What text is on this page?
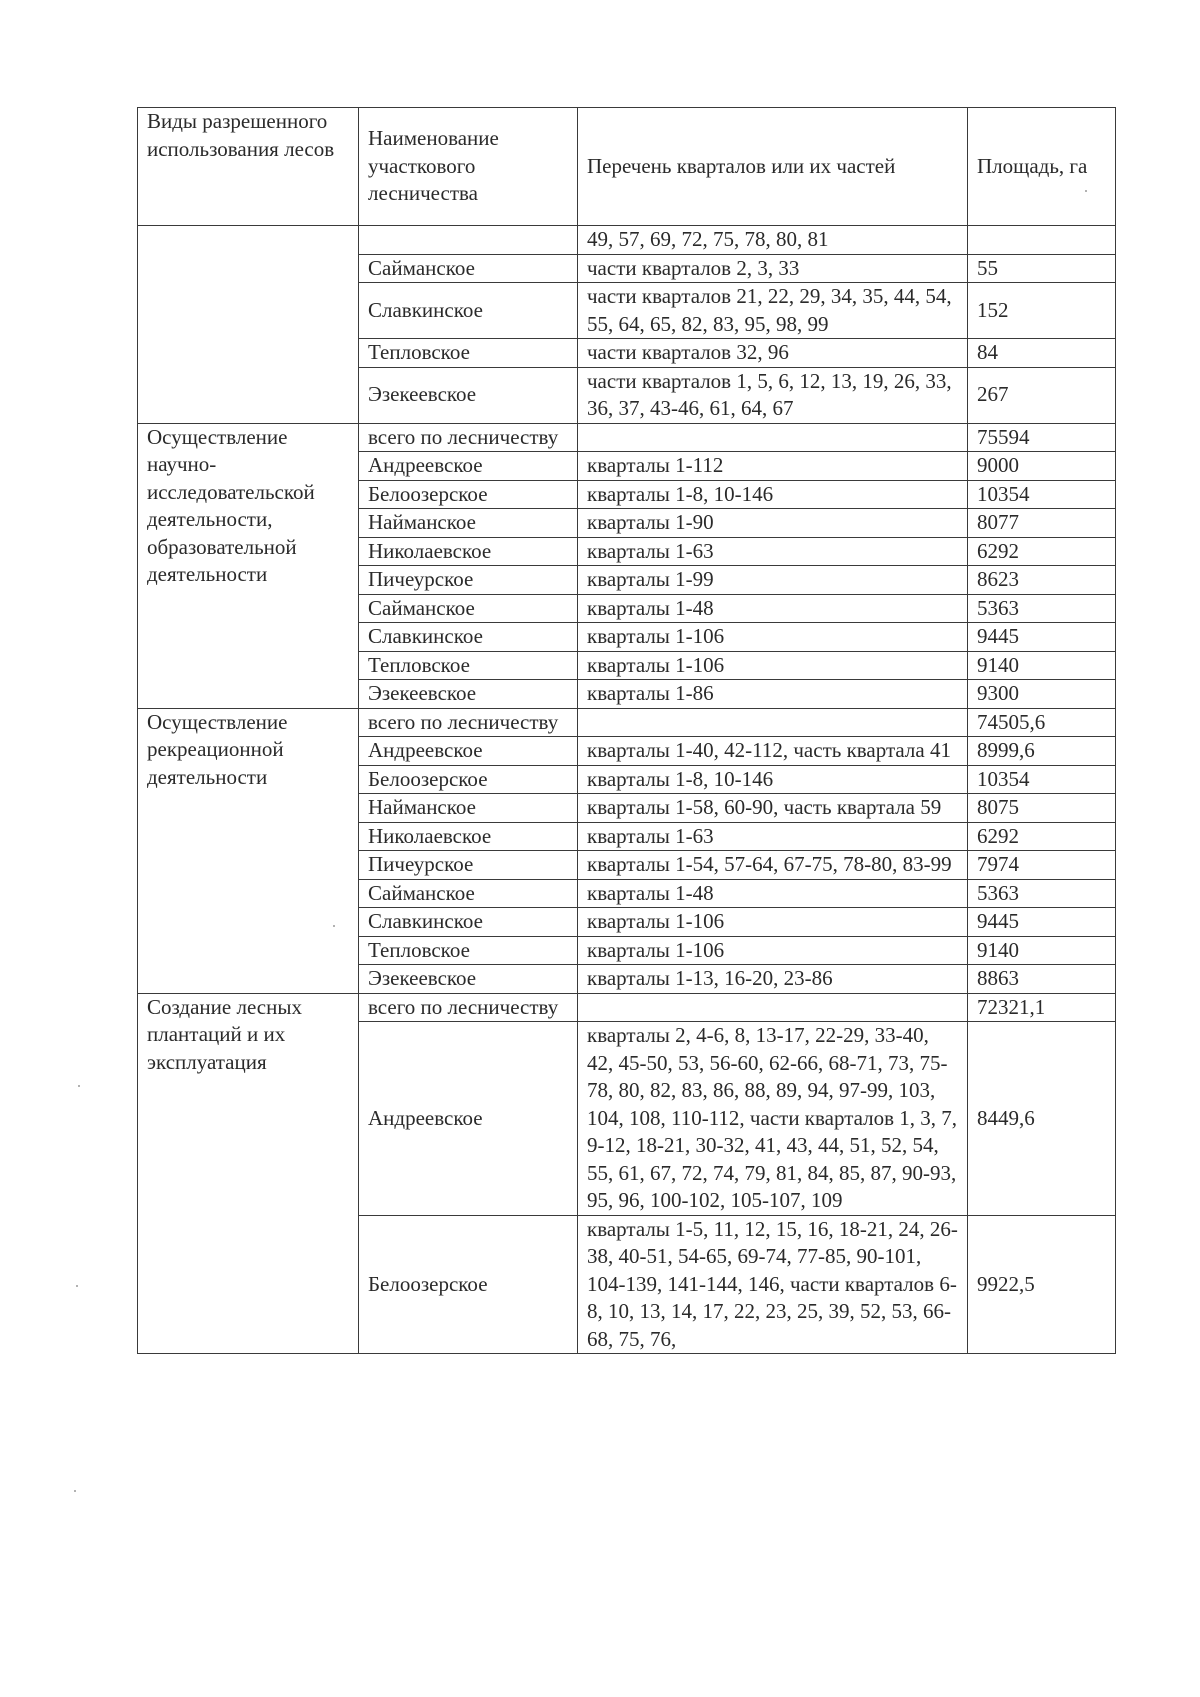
Виды разрешенного использования лесов	Наименование участкового лесничества	Перечень кварталов или их частей	Площадь, га
		49, 57, 69, 72, 75, 78, 80, 81	
	Саймaнское	части кварталов 2, 3, 33	55
	Славкинское	части кварталов 21, 22, 29, 34, 35, 44, 54, 55, 64, 65, 82, 83, 95, 98, 99	152
	Тепловское	части кварталов 32, 96	84
	Эзекеевское	части кварталов 1, 5, 6, 12, 13, 19, 26, 33, 36, 37, 43-46, 61, 64, 67	267
Осуществление научно-исследовательской деятельности, образовательной деятельности	всего по лесничеству		75594
	Андреевское	кварталы 1-112	9000
	Белоозерское	кварталы 1-8, 10-146	10354
	Найманское	кварталы 1-90	8077
	Николаевское	кварталы 1-63	6292
	Пичеурское	кварталы 1-99	8623
	Сайманское	кварталы 1-48	5363
	Славкинское	кварталы 1-106	9445
	Тепловское	кварталы 1-106	9140
	Эзекеевское	кварталы 1-86	9300
Осуществление рекреационной деятельности	всего по лесничеству		74505,6
	Андреевское	кварталы 1-40, 42-112, часть квартала 41	8999,6
	Белоозерское	кварталы 1-8, 10-146	10354
	Найманское	кварталы 1-58, 60-90, часть квартала 59	8075
	Николаевское	кварталы 1-63	6292
	Пичеурское	кварталы 1-54, 57-64, 67-75, 78-80, 83-99	7974
	Сайманское	кварталы 1-48	5363
	Славкинское	кварталы 1-106	9445
	Тепловское	кварталы 1-106	9140
	Эзекеевское	кварталы 1-13, 16-20, 23-86	8863
Создание лесных плантаций и их эксплуатация	всего по лесничеству		72321,1
	Андреевское	кварталы 2, 4-6, 8, 13-17, 22-29, 33-40, 42, 45-50, 53, 56-60, 62-66, 68-71, 73, 75-78, 80, 82, 83, 86, 88, 89, 94, 97-99, 103, 104, 108, 110-112, части кварталов 1, 3, 7, 9-12, 18-21, 30-32, 41, 43, 44, 51, 52, 54, 55, 61, 67, 72, 74, 79, 81, 84, 85, 87, 90-93, 95, 96, 100-102, 105-107, 109	8449,6
	Белоозерское	кварталы 1-5, 11, 12, 15, 16, 18-21, 24, 26-38, 40-51, 54-65, 69-74, 77-85, 90-101, 104-139, 141-144, 146, части кварталов 6-8, 10, 13, 14, 17, 22, 23, 25, 39, 52, 53, 66-68, 75, 76,	9922,5
